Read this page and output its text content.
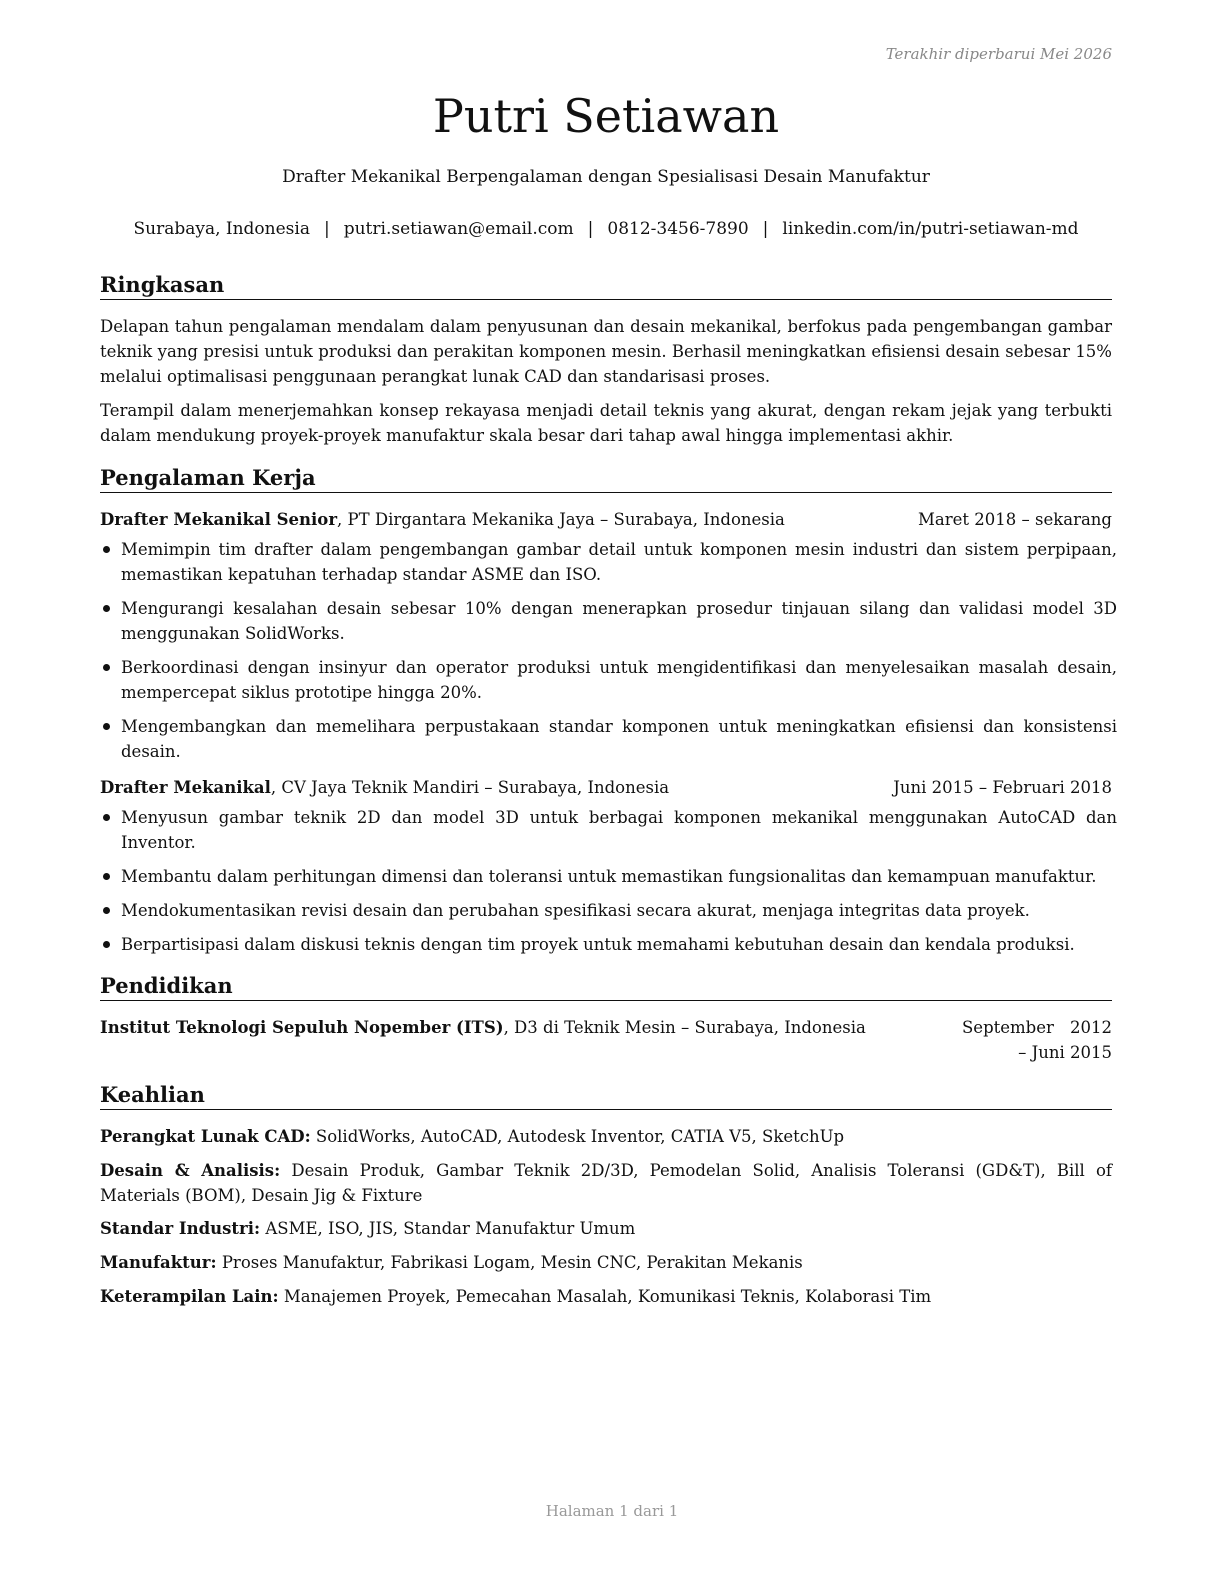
Terakhir diperbarui Mei 2026
Putri Setiawan
Drafter Mekanikal Berpengalaman dengan Spesialisasi Desain Manufaktur
Surabaya, Indonesia | putri.setiawan@email.com | 0812-3456-7890 | linkedin.com/in/putri-setiawan-md
Ringkasan

Delapan tahun pengalaman mendalam dalam penyusunan dan desain mekanikal, berfokus pada pengembangan gambar teknik yang presisi untuk produksi dan perakitan komponen mesin. Berhasil meningkatkan efisiensi desain sebesar 15% melalui optimalisasi penggunaan perangkat lunak CAD dan standarisasi proses.

Terampil dalam menerjemahkan konsep rekayasa menjadi detail teknis yang akurat, dengan rekam jejak yang terbukti dalam mendukung proyek-proyek manufaktur skala besar dari tahap awal hingga implementasi akhir.

Pengalaman Kerja
Drafter Mekanikal Senior, PT Dirgantara Mekanika Jaya – Surabaya, Indonesia	Maret 2018 – sekarang
Memimpin tim drafter dalam pengembangan gambar detail untuk komponen mesin industri dan sistem perpipaan, memastikan kepatuhan terhadap standar ASME dan ISO.
Mengurangi kesalahan desain sebesar 10% dengan menerapkan prosedur tinjauan silang dan validasi model 3D menggunakan SolidWorks.
Berkoordinasi dengan insinyur dan operator produksi untuk mengidentifikasi dan menyelesaikan masalah desain, mempercepat siklus prototipe hingga 20%.
Mengembangkan dan memelihara perpustakaan standar komponen untuk meningkatkan efisiensi dan konsistensi desain.
Drafter Mekanikal, CV Jaya Teknik Mandiri – Surabaya, Indonesia	Juni 2015 – Februari 2018
Menyusun gambar teknik 2D dan model 3D untuk berbagai komponen mekanikal menggunakan AutoCAD dan Inventor.
Membantu dalam perhitungan dimensi dan toleransi untuk memastikan fungsionalitas dan kemampuan manufaktur.
Mendokumentasikan revisi desain dan perubahan spesifikasi secara akurat, menjaga integritas data proyek.
Berpartisipasi dalam diskusi teknis dengan tim proyek untuk memahami kebutuhan desain dan kendala produksi.
Pendidikan
Institut Teknologi Sepuluh Nopember (ITS), D3 di Teknik Mesin – Surabaya, Indonesia	September 2012 – Juni 2015
Keahlian

Perangkat Lunak CAD: SolidWorks, AutoCAD, Autodesk Inventor, CATIA V5, SketchUp

Desain & Analisis: Desain Produk, Gambar Teknik 2D/3D, Pemodelan Solid, Analisis Toleransi (GD&T), Bill of Materials (BOM), Desain Jig & Fixture

Standar Industri: ASME, ISO, JIS, Standar Manufaktur Umum

Manufaktur: Proses Manufaktur, Fabrikasi Logam, Mesin CNC, Perakitan Mekanis

Keterampilan Lain: Manajemen Proyek, Pemecahan Masalah, Komunikasi Teknis, Kolaborasi Tim

Halaman 1 dari 1
